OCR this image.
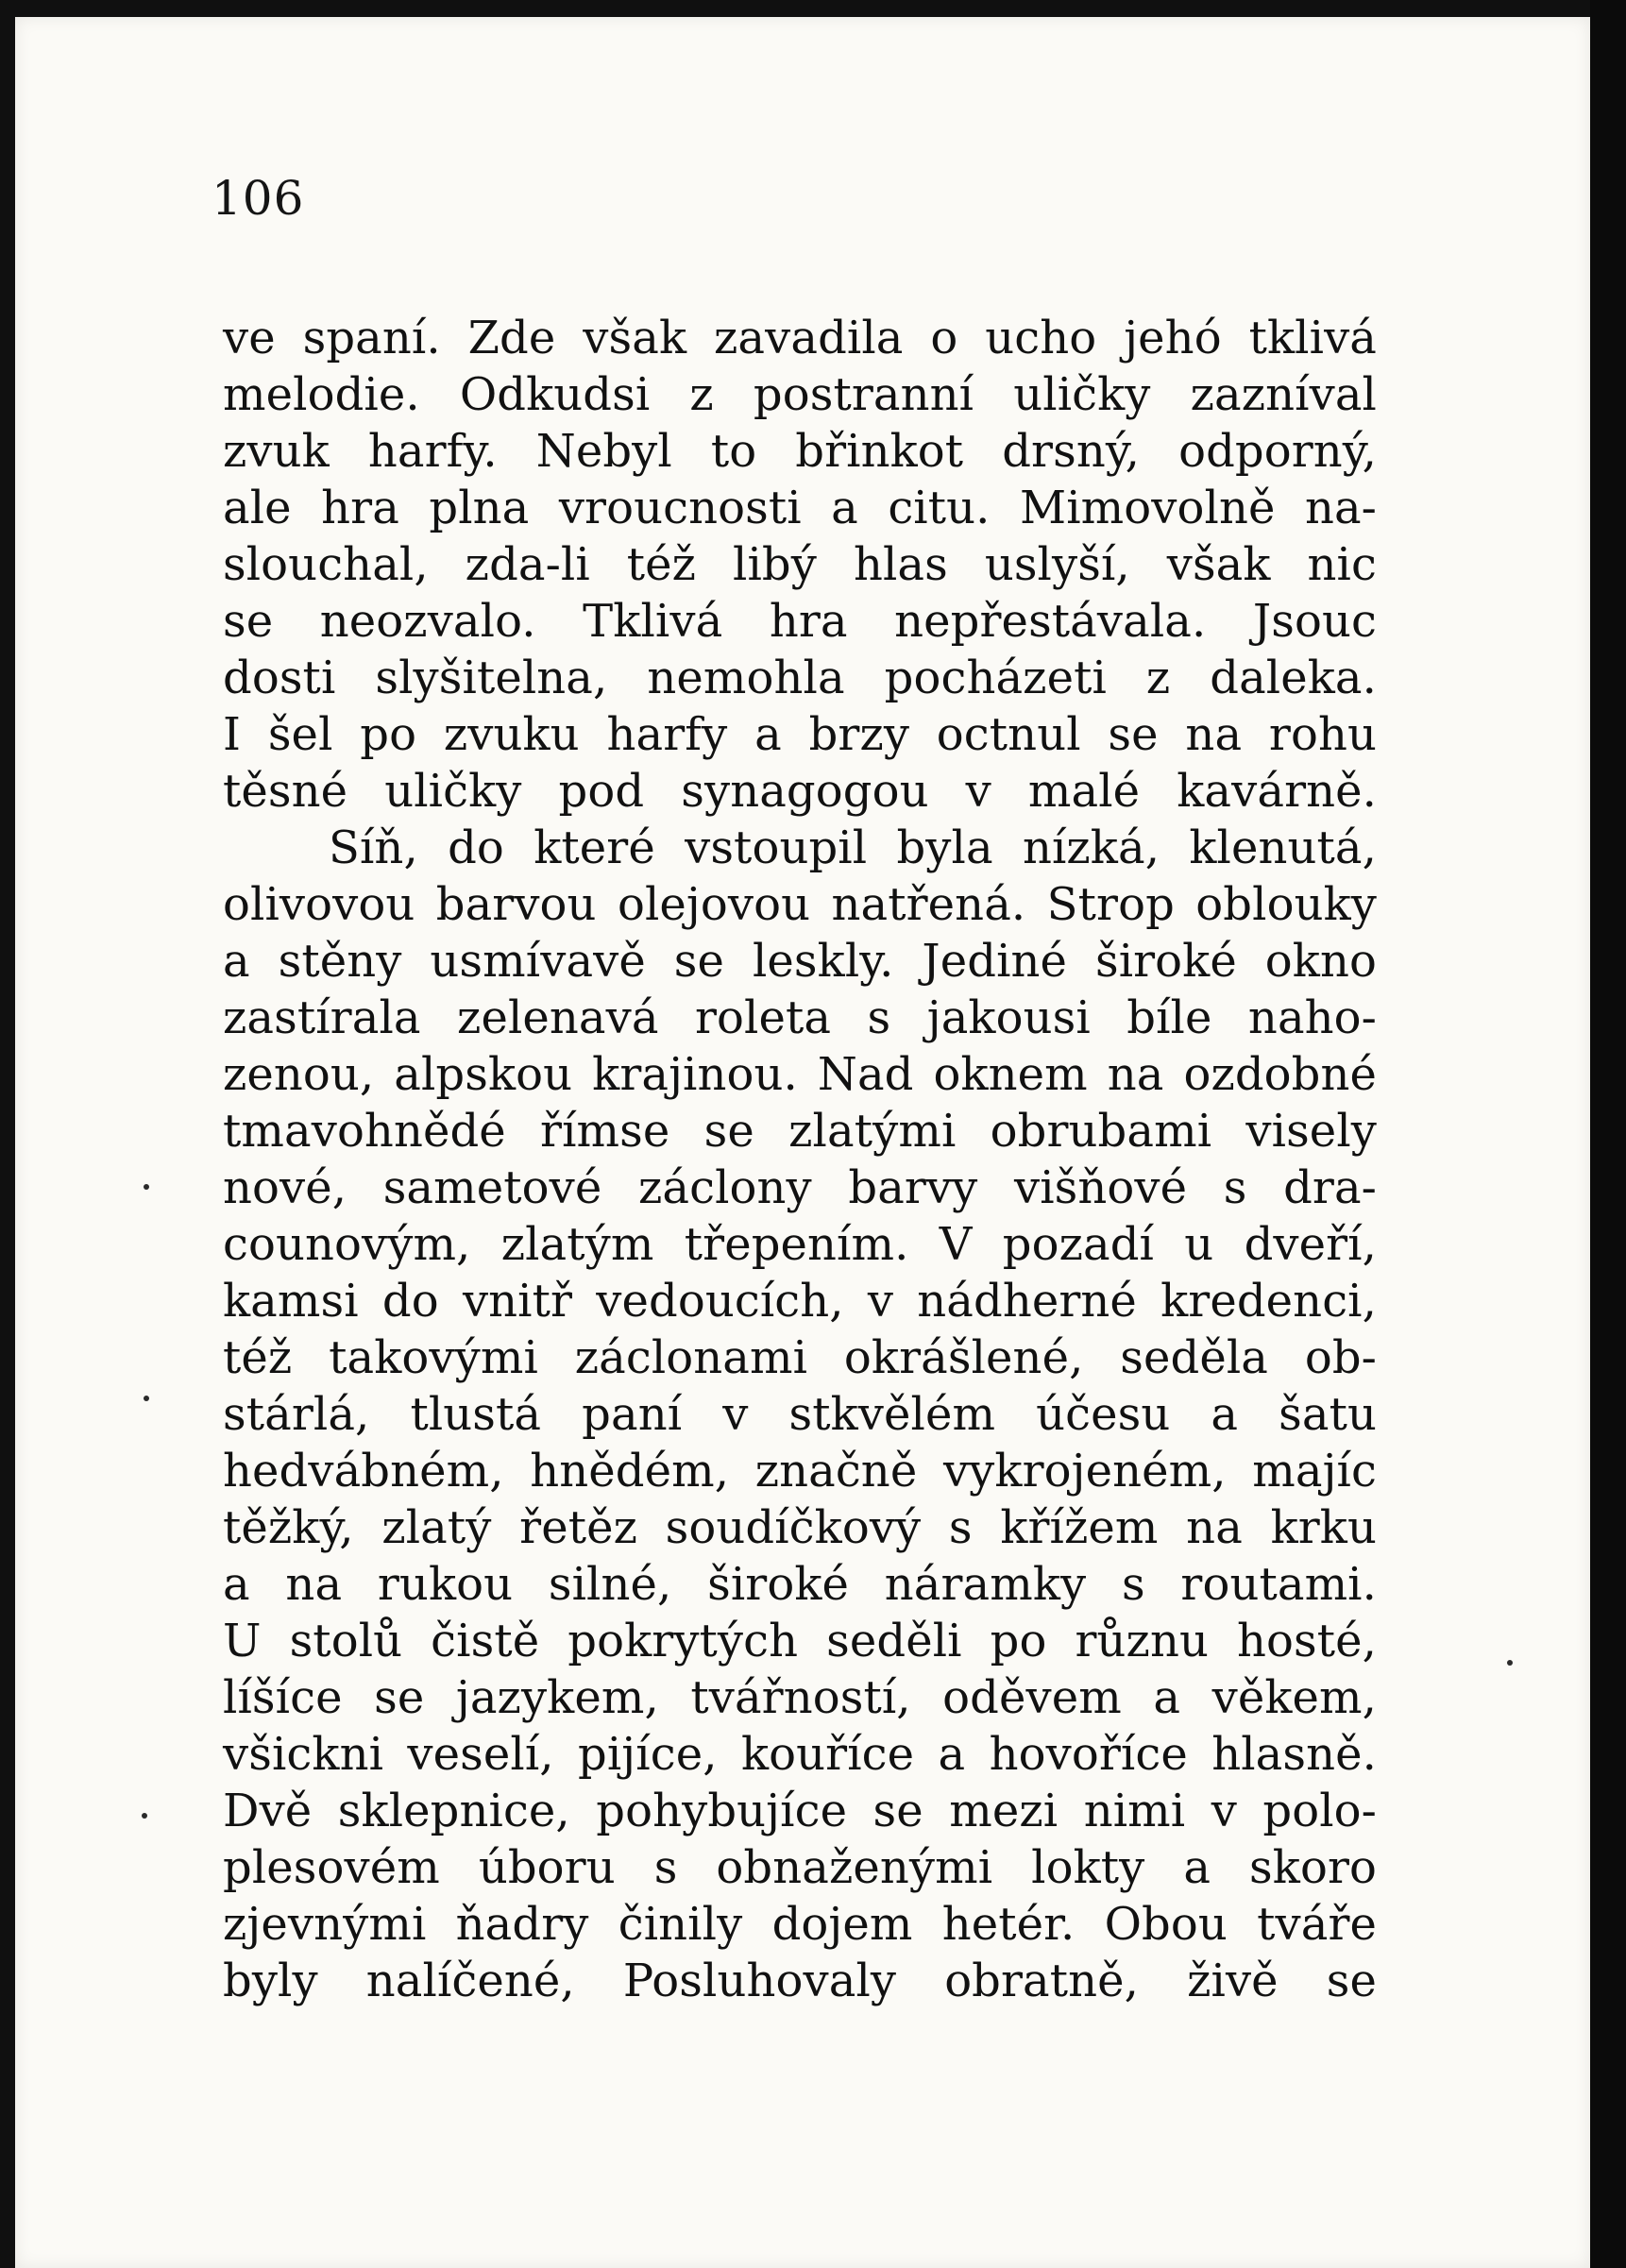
106
ve spaní. Zde však zavadila o ucho jehó tklivá
melodie. Odkudsi z postranní uličky zazníval
zvuk harfy. Nebyl to břinkot drsný, odporný,
ale hra plna vroucnosti a citu. Mimovolně na-
slouchal, zda-li též libý hlas uslyší, však nic
se neozvalo. Tklivá hra nepřestávala. Jsouc
dosti slyšitelna, nemohla pocházeti z daleka.
I šel po zvuku harfy a brzy octnul se na rohu
těsné uličky pod synagogou v malé kavárně.
Síň, do které vstoupil byla nízká, klenutá,
olivovou barvou olejovou natřená. Strop oblouky
a stěny usmívavě se leskly. Jediné široké okno
zastírala zelenavá roleta s jakousi bíle naho-
zenou, alpskou krajinou. Nad oknem na ozdobné
tmavohnědé římse se zlatými obrubami visely
nové, sametové záclony barvy višňové s dra-
counovým, zlatým třepením. V pozadí u dveří,
kamsi do vnitř vedoucích, v nádherné kredenci,
též takovými záclonami okrášlené, seděla ob-
stárlá, tlustá paní v stkvělém účesu a šatu
hedvábném, hnědém, značně vykrojeném, majíc
těžký, zlatý řetěz soudíčkový s křížem na krku
a na rukou silné, široké náramky s routami.
U stolů čistě pokrytých seděli po různu hosté,
líšíce se jazykem, tvářností, oděvem a věkem,
všickni veselí, pijíce, kouříce a hovoříce hlasně.
Dvě sklepnice, pohybujíce se mezi nimi v polo-
plesovém úboru s obnaženými lokty a skoro
zjevnými ňadry činily dojem hetér. Obou tváře
byly nalíčené, Posluhovaly obratně, živě se
